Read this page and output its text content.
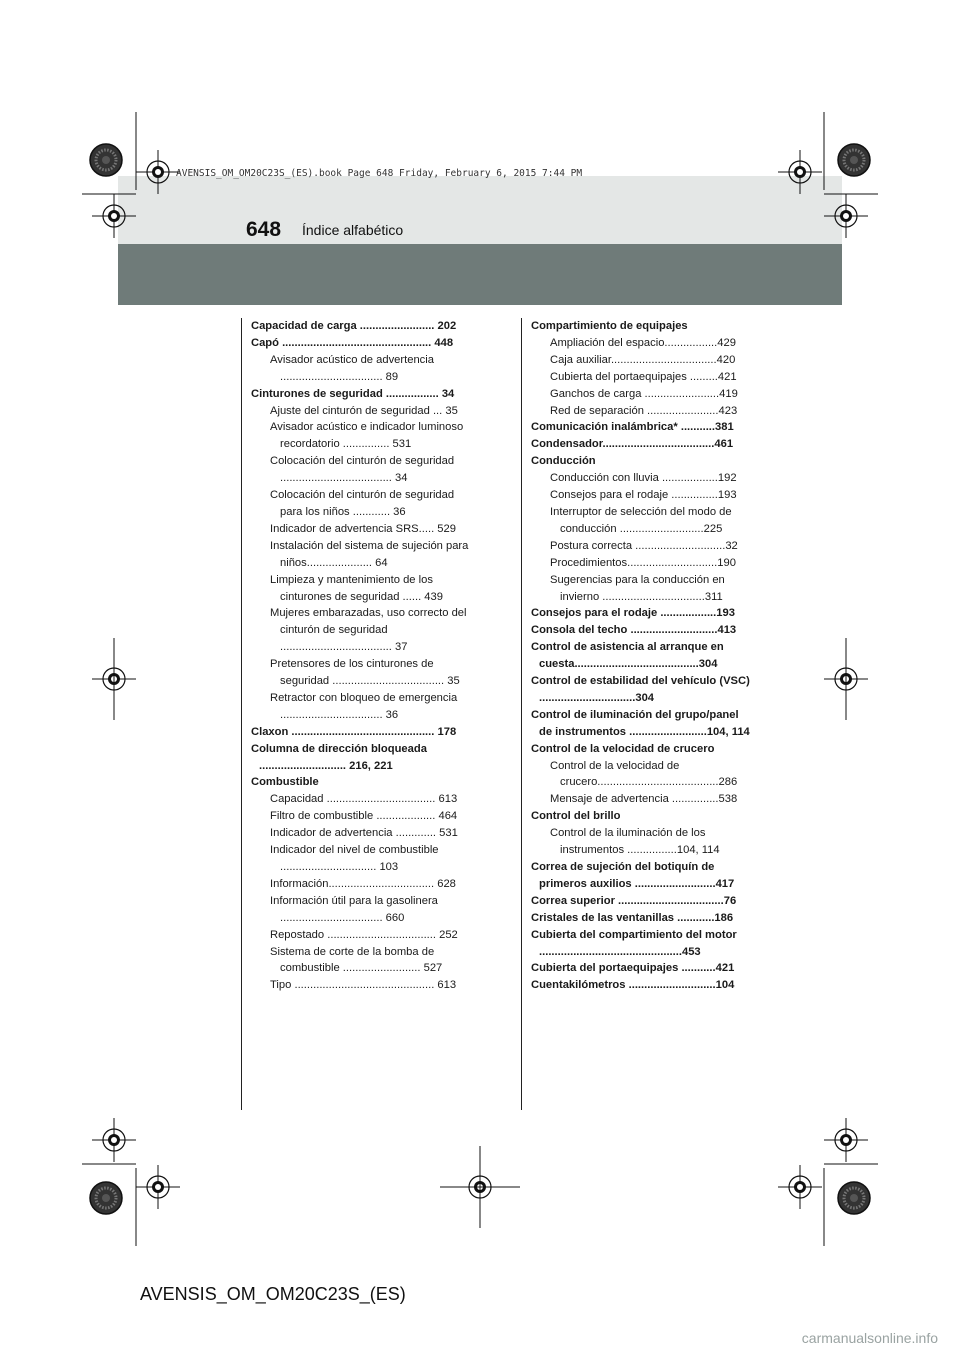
AVENSIS_OM_OM20C23S_(ES).book Page 648 Friday, February 6, 2015 7:44 PM
648 Índice alfabético
Capacidad de carga ........................ 202
Capó ................................................ 448
Avisador acústico de advertencia ................................. 89
Cinturones de seguridad ................. 34
Ajuste del cinturón de seguridad ... 35
Avisador acústico e indicador luminoso recordatorio ............... 531
Colocación del cinturón de seguridad .................................... 34
Colocación del cinturón de seguridad para los niños ............ 36
Indicador de advertencia SRS..... 529
Instalación del sistema de sujeción para niños..................... 64
Limpieza y mantenimiento de los cinturones de seguridad ...... 439
Mujeres embarazadas, uso correcto del cinturón de seguridad .................................... 37
Pretensores de los cinturones de seguridad .................................... 35
Retractor con bloqueo de emergencia ................................. 36
Claxon .............................................. 178
Columna de dirección bloqueada ............................ 216, 221
Combustible
Capacidad ................................... 613
Filtro de combustible ................... 464
Indicador de advertencia ............. 531
Indicador del nivel de combustible ............................... 103
Información.................................. 628
Información útil para la gasolinera ................................. 660
Repostado ................................... 252
Sistema de corte de la bomba de combustible ......................... 527
Tipo ............................................. 613
Compartimiento de equipajes
Ampliación del espacio.................429
Caja auxiliar..................................420
Cubierta del portaequipajes .........421
Ganchos de carga ........................419
Red de separación .......................423
Comunicación inalámbrica* ...........381
Condensador....................................461
Conducción
Conducción con lluvia ..................192
Consejos para el rodaje ...............193
Interruptor de selección del modo de conducción ...........................225
Postura correcta .............................32
Procedimientos.............................190
Sugerencias para la conducción en invierno .................................311
Consejos para el rodaje ..................193
Consola del techo ............................413
Control de asistencia al arranque en cuesta........................................304
Control de estabilidad del vehículo (VSC) ...............................304
Control de iluminación del grupo/panel de instrumentos .........................104, 114
Control de la velocidad de crucero
Control de la velocidad de crucero.......................................286
Mensaje de advertencia ...............538
Control del brillo
Control de la iluminación de los instrumentos ................104, 114
Correa de sujeción del botiquín de primeros auxilios ..........................417
Correa superior ..................................76
Cristales de las ventanillas ............186
Cubierta del compartimiento del motor ..............................................453
Cubierta del portaequipajes ...........421
Cuentakilómetros ............................104
AVENSIS_OM_OM20C23S_(ES)
carmanualsonline.info
